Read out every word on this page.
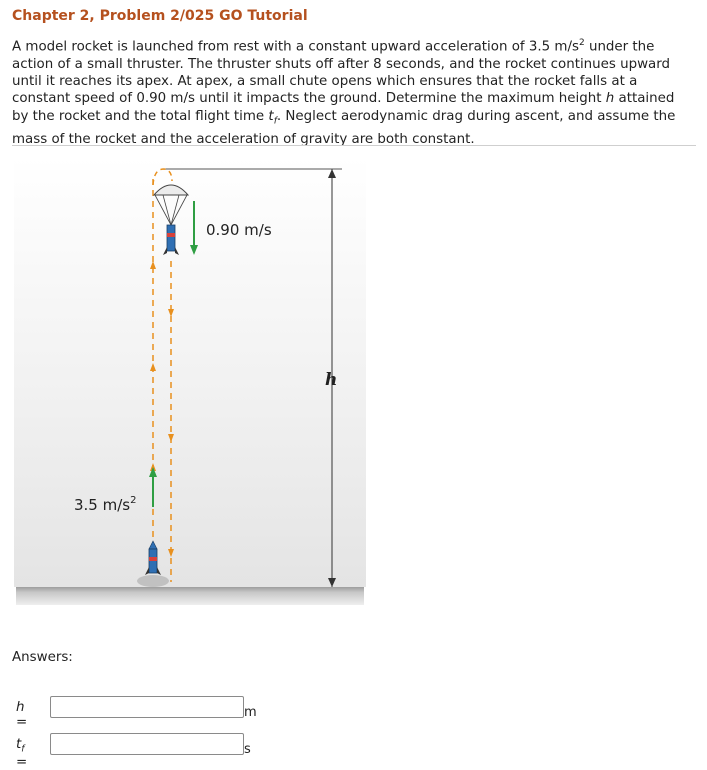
Chapter 2, Problem 2/025 GO Tutorial
A model rocket is launched from rest with a constant upward acceleration of 3.5 $m/s^2$ under the action of a small thruster. The thruster shuts off after 8 seconds, and the rocket continues upward until it reaches its apex. At apex, a small chute opens which ensures that the rocket falls at a constant speed of 0.90 m/s until it impacts the ground. Determine the maximum height h attained by the rocket and the total flight time $t_f$. Neglect aerodynamic drag during ascent, and assume the mass of the rocket and the acceleration of gravity are both constant.
h
0.90 m/s
3.5 $m/s^2$
Answers:
h =
m
$t_f$ =
s
